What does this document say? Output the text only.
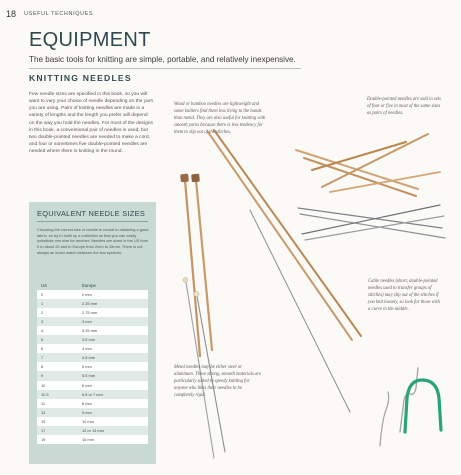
18 USEFUL TECHNIQUES
EQUIPMENT
The basic tools for knitting are simple, portable, and relatively inexpensive.
KNITTING NEEDLES
Few needle sizes are specified in this book, so you will want to vary your choice of needle depending on the yarn you are using. Pairs of knitting needles are made in a variety of lengths and the length you prefer will depend on the way you hold the needles. For most of the designs in this book, a conventional pair of needles is used, but two double-pointed needles are needed to make a cord, and four or sometimes five double-pointed needles are needed where there is knitting in the round.
Wood or bamboo needles are lightweight and some knitters find them less tiring to the hands than metal. They are also useful for knitting with smooth yarns because there is less tendency for them to slip out of the stitches.
Double-pointed needles are sold in sets of four or five in most of the same sizes as pairs of needles.
Cable needles (short, double-pointed needles used to transfer groups of stitches) may slip out of the stitches if you knit loosely, so look for those with a curve in the middle.
Metal needles may be either steel or aluminum. These strong, smooth materials are particularly suited to speedy knitting for anyone who likes their needles to be completely rigid.
EQUIVALENT NEEDLE SIZES
Choosing the correct size of needle is crucial to obtaining a good fabric, so try to build up a collection so that you can easily substitute one size for another. Needles are sized in the US from 0 to about 20 and in Europe from 2mm to 15mm. There is not always an exact match between the two systems.
US	Europe
0	2 mm
1	2.25 mm
2	2.75 mm
3	3 mm
4	3.25 mm
5	3.5 mm
6	4 mm
7	4.5 mm
8	5 mm
9	5.5 mm
10	6 mm
10.5	6.5 or 7 mm
11	8 mm
13	9 mm
15	10 mm
17	12 or 13 mm
19	15 mm
